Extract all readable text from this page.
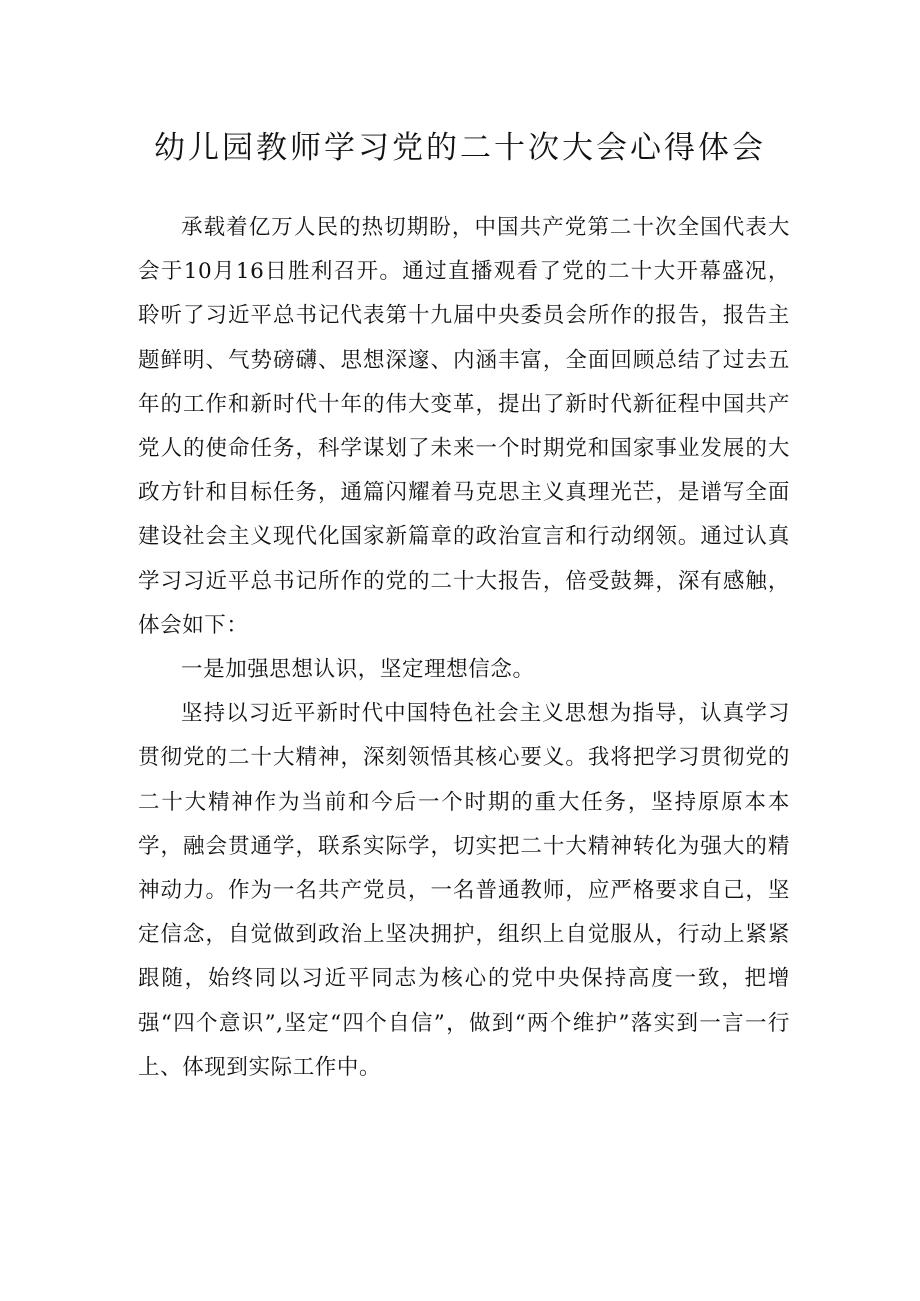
幼儿园教师学习党的二十次大会心得体会

承载着亿万人民的热切期盼，中国共产党第二十次全国代表大会于10月16日胜利召开。通过直播观看了党的二十大开幕盛况，聆听了习近平总书记代表第十九届中央委员会所作的报告，报告主题鲜明、气势磅礴、思想深邃、内涵丰富，全面回顾总结了过去五年的工作和新时代十年的伟大变革，提出了新时代新征程中国共产党人的使命任务，科学谋划了未来一个时期党和国家事业发展的大政方针和目标任务，通篇闪耀着马克思主义真理光芒，是谱写全面建设社会主义现代化国家新篇章的政治宣言和行动纲领。通过认真学习习近平总书记所作的党的二十大报告，倍受鼓舞，深有感触，体会如下：

一是加强思想认识，坚定理想信念。

坚持以习近平新时代中国特色社会主义思想为指导，认真学习贯彻党的二十大精神，深刻领悟其核心要义。我将把学习贯彻党的二十大精神作为当前和今后一个时期的重大任务，坚持原原本本学，融会贯通学，联系实际学，切实把二十大精神转化为强大的精神动力。作为一名共产党员，一名普通教师，应严格要求自己，坚定信念，自觉做到政治上坚决拥护，组织上自觉服从，行动上紧紧跟随，始终同以习近平同志为核心的党中央保持高度一致，把增强“四个意识”,坚定“四个自信”，做到“两个维护”落实到一言一行上、体现到实际工作中。
